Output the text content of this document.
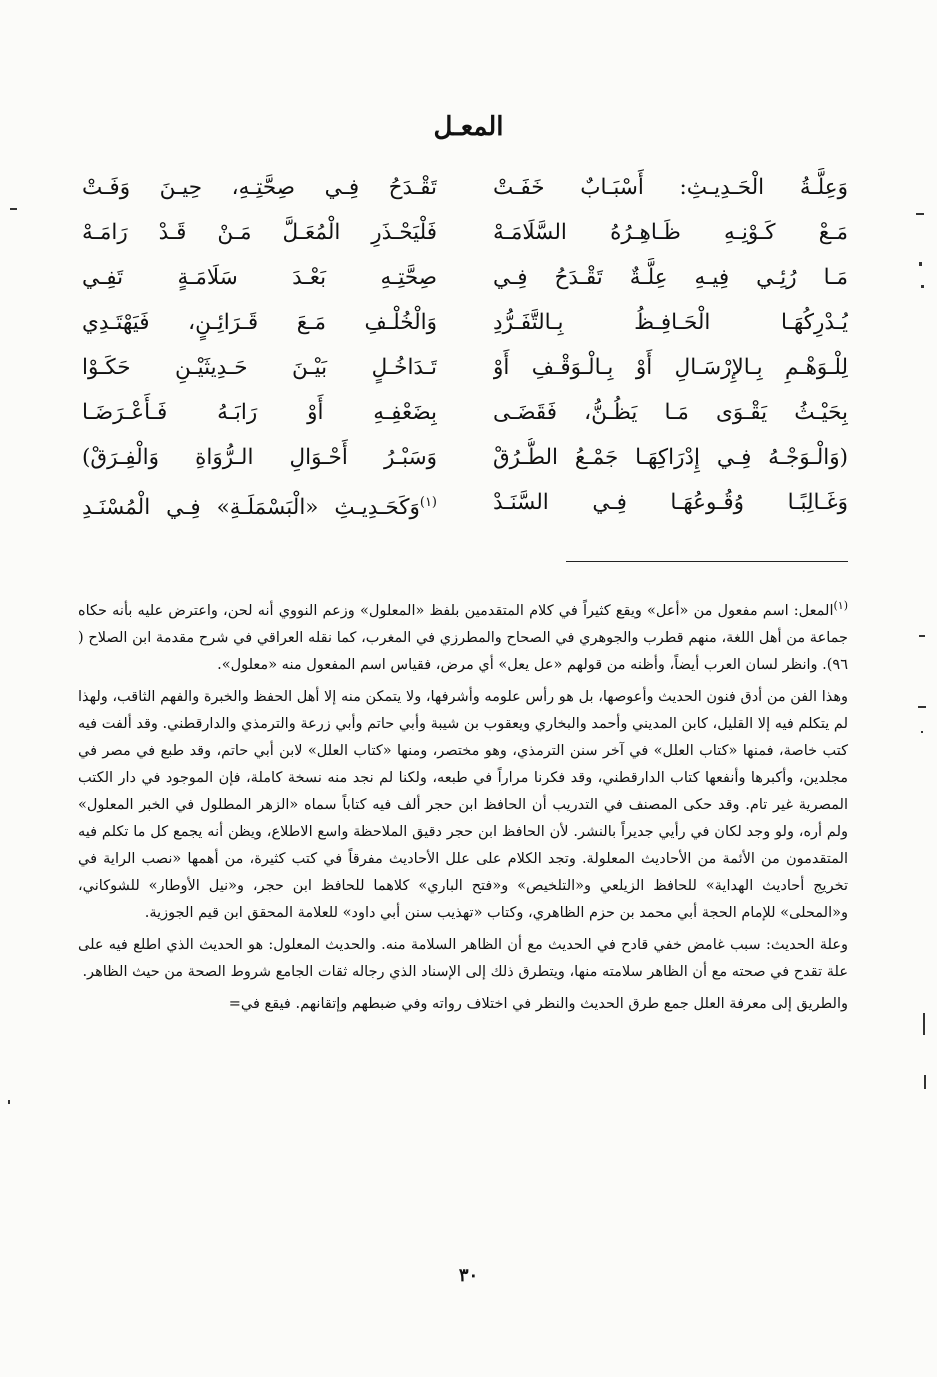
المعـل
وَعِلَّـةُ الْحَـدِيـثِ: أَسْبَـابٌ خَفَـتْ
تَقْـدَحُ فِـي صِحَّتِـهِ، حِيـنَ وَفَـتْ
مَـعْ كَـوْنِـهِ ظَـاهِـرُهُ السَّلَامَـهْ
فَلْيَحْـذَرِ الْمُعَـلَّ مَـنْ قَـدْ رَامَـهْ
مَـا رُئِـي فِيـهِ عِلَّـةٌ تَقْـدَحُ فِـي
صِحَّتِـهِ بَعْـدَ سَلَامَـةٍ تَفِـي
يُـدْرِكُهَـا الْحَـافِـظُ بِـالتَّفَـرُّدِ
وَالْخُلْـفِ مَـعَ قَـرَائِـنٍ، فَيَهْتَـدِي
لِلْـوَهْـمِ بِـالإِرْسَـالِ أَوْ بِـالْـوَقْـفِ أَوْ
تَـدَاخُـلٍ بَيْـنَ حَـدِيثَيْـنِ حَكَـوْا
بِحَيْـثُ يَقْـوَى مَـا يَظُـنُّ، فَقَضَـى
بِضَعْفِـهِ أَوْ رَابَـهُ فَـأَعْـرَضَـا
(وَالْـوَجْـهُ فِـي إِدْرَاكِهَـا جَمْـعُ الطُّـرُقْ
وَسَبْـرُ أَحْـوَالِ الـرُّوَاةِ وَالْفِـرَقْ)
وَغَـالِبًـا وُقُـوعُهَـا فِـي السَّنَـدْ
$^{(١)}$وَكَحَـدِيـثِ «الْبَسْمَلَـةِ» فِـي الْمُسْنَـدِ

$^{(١)}$المعل: اسم مفعول من «أعل» ويقع كثيراً في كلام المتقدمين بلفظ «المعلول» وزعم النووي أنه لحن، واعترض عليه بأنه حكاه جماعة من أهل اللغة، منهم قطرب والجوهري في الصحاح والمطرزي في المغرب، كما نقله العراقي في شرح مقدمة ابن الصلاح ( ٩٦). وانظر لسان العرب أيضاً، وأظنه من قولهم «عل يعل» أي مرض، فقياس اسم المفعول منه «معلول».

وهذا الفن من أدق فنون الحديث وأعوصها، بل هو رأس علومه وأشرفها، ولا يتمكن منه إلا أهل الحفظ والخبرة والفهم الثاقب، ولهذا لم يتكلم فيه إلا القليل، كابن المديني وأحمد والبخاري ويعقوب بن شيبة وأبي حاتم وأبي زرعة والترمذي والدارقطني. وقد ألفت فيه كتب خاصة، فمنها «كتاب العلل» في آخر سنن الترمذي، وهو مختصر، ومنها «كتاب العلل» لابن أبي حاتم، وقد طبع في مصر في مجلدين، وأكبرها وأنفعها كتاب الدارقطني، وقد فكرنا مراراً في طبعه، ولكنا لم نجد منه نسخة كاملة، فإن الموجود في دار الكتب المصرية غير تام. وقد حكى المصنف في التدريب أن الحافظ ابن حجر ألف فيه كتاباً سماه «الزهر المطلول في الخبر المعلول» ولم أره، ولو وجد لكان في رأيي جديراً بالنشر. لأن الحافظ ابن حجر دقيق الملاحظة واسع الاطلاع، ويظن أنه يجمع كل ما تكلم فيه المتقدمون من الأئمة من الأحاديث المعلولة. وتجد الكلام على علل الأحاديث مفرقاً في كتب كثيرة، من أهمها «نصب الراية في تخريج أحاديث الهداية» للحافظ الزيلعي و«التلخيص» و«فتح الباري» كلاهما للحافظ ابن حجر، و«نيل الأوطار» للشوكاني، و«المحلى» للإمام الحجة أبي محمد بن حزم الظاهري، وكتاب «تهذيب سنن أبي داود» للعلامة المحقق ابن قيم الجوزية.

وعلة الحديث: سبب غامض خفي قادح في الحديث مع أن الظاهر السلامة منه. والحديث المعلول: هو الحديث الذي اطلع فيه على علة تقدح في صحته مع أن الظاهر سلامته منها، ويتطرق ذلك إلى الإسناد الذي رجاله ثقات الجامع شروط الصحة من حيث الظاهر.

والطريق إلى معرفة العلل جمع طرق الحديث والنظر في اختلاف رواته وفي ضبطهم وإتقانهم. فيقع في=

٣٠
